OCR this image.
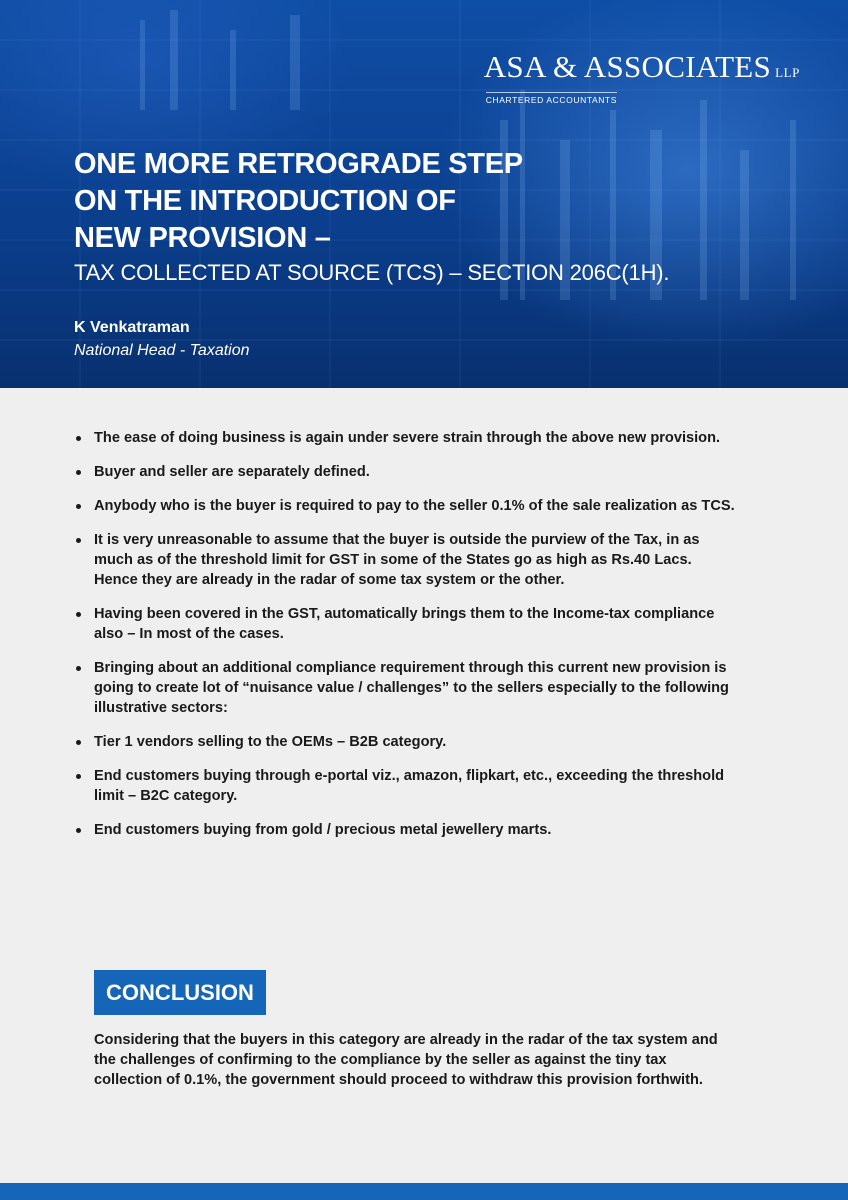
ASA & ASSOCIATES LLP
CHARTERED ACCOUNTANTS
ONE MORE RETROGRADE STEP
ON THE INTRODUCTION OF
NEW PROVISION –
TAX COLLECTED AT SOURCE (TCS) – SECTION 206C(1H).
K Venkatraman
National Head - Taxation
The ease of doing business is again under severe strain through the above new provision.
Buyer and seller are separately defined.
Anybody who is the buyer is required to pay to the seller 0.1% of the sale realization as TCS.
It is very unreasonable to assume that the buyer is outside the purview of the Tax, in as much as of the threshold limit for GST in some of the States go as high as Rs.40 Lacs. Hence they are already in the radar of some tax system or the other.
Having been covered in the GST, automatically brings them to the Income-tax compliance also – In most of the cases.
Bringing about an additional compliance requirement through this current new provision is going to create lot of “nuisance value / challenges” to the sellers especially to the following illustrative sectors:
Tier 1 vendors selling to the OEMs – B2B category.
End customers buying through e-portal viz., amazon, flipkart, etc., exceeding the threshold limit – B2C category.
End customers buying from gold / precious metal jewellery marts.
CONCLUSION
Considering that the buyers in this category are already in the radar of the tax system and the challenges of confirming to the compliance by the seller as against the tiny tax collection of 0.1%, the government should proceed to withdraw this provision forthwith.
